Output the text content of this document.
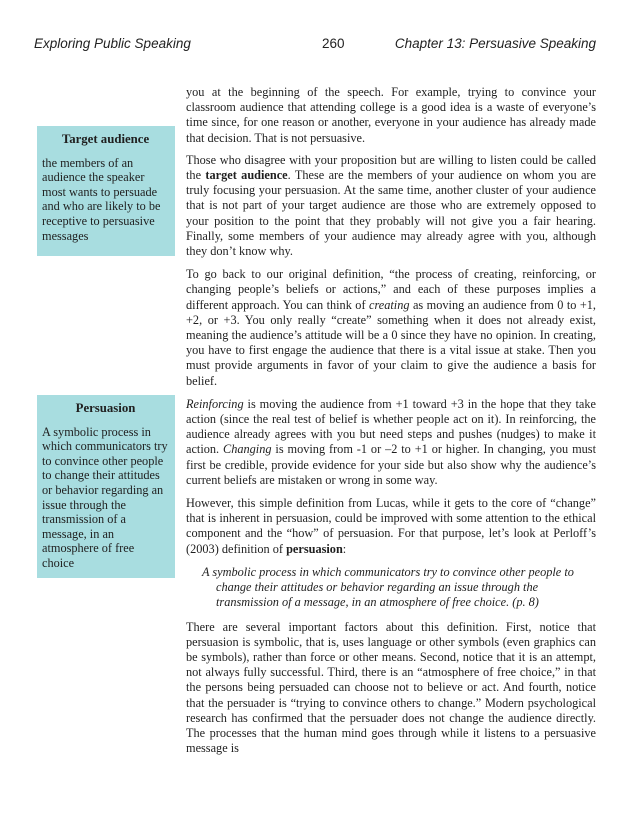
Exploring Public Speaking	260	Chapter 13: Persuasive Speaking
Target audience
the members of an audience the speaker most wants to persuade and who are likely to be receptive to persuasive messages
Persuasion
A symbolic process in which communicators try to convince other people to change their attitudes or behavior regarding an issue through the transmission of a message, in an atmosphere of free choice

you at the beginning of the speech. For example, trying to convince your classroom audience that attending college is a good idea is a waste of everyone’s time since, for one reason or another, everyone in your audience has already made that decision. That is not persuasive.

Those who disagree with your proposition but are willing to listen could be called the target audience. These are the members of your audience on whom you are truly focusing your persuasion. At the same time, another cluster of your audience that is not part of your target audience are those who are extremely opposed to your position to the point that they probably will not give you a fair hearing. Finally, some members of your audience may already agree with you, although they don’t know why.

To go back to our original definition, “the process of creating, reinforcing, or changing people’s beliefs or actions,” and each of these purposes implies a different approach. You can think of creating as moving an audience from 0 to +1, +2, or +3. You only really “create” something when it does not already exist, meaning the audience’s attitude will be a 0 since they have no opinion. In creating, you have to first engage the audience that there is a vital issue at stake. Then you must provide arguments in favor of your claim to give the audience a basis for belief.

Reinforcing is moving the audience from +1 toward +3 in the hope that they take action (since the real test of belief is whether people act on it). In reinforcing, the audience already agrees with you but need steps and pushes (nudges) to make it action. Changing is moving from -1 or –2 to +1 or higher. In changing, you must first be credible, provide evidence for your side but also show why the audience’s current beliefs are mistaken or wrong in some way.

However, this simple definition from Lucas, while it gets to the core of “change” that is inherent in persuasion, could be improved with some attention to the ethical component and the “how” of persuasion. For that purpose, let’s look at Perloff’s (2003) definition of persuasion:

A symbolic process in which communicators try to convince other people to change their attitudes or behavior regarding an issue through the transmission of a message, in an atmosphere of free choice. (p. 8)

There are several important factors about this definition. First, notice that persuasion is symbolic, that is, uses language or other symbols (even graphics can be symbols), rather than force or other means. Second, notice that it is an attempt, not always fully successful. Third, there is an “atmosphere of free choice,” in that the persons being persuaded can choose not to believe or act. And fourth, notice that the persuader is “trying to convince others to change.” Modern psychological research has confirmed that the persuader does not change the audience directly. The processes that the human mind goes through while it listens to a persuasive message is
